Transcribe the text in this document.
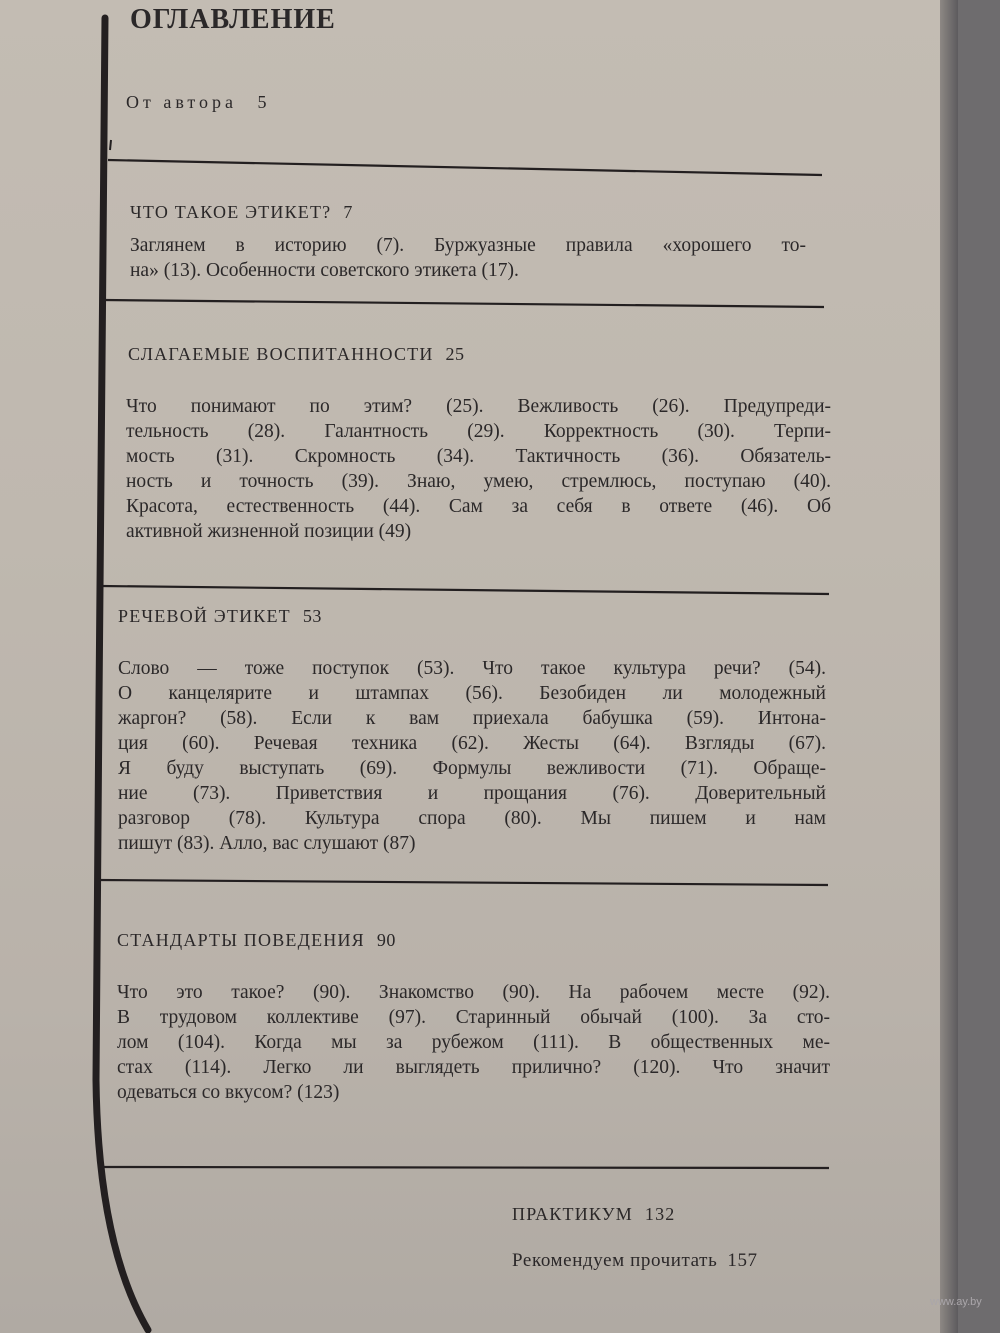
ОГЛАВЛЕНИЕ
От автора 5
ЧТО ТАКОЕ ЭТИКЕТ? 7
Заглянем в историю (7). Буржуазные правила «хорошего то-
на» (13). Особенности советского этикета (17).
СЛАГАЕМЫЕ ВОСПИТАННОСТИ 25
Что понимают по этим? (25). Вежливость (26). Предупреди-
тельность (28). Галантность (29). Корректность (30). Терпи-
мость (31). Скромность (34). Тактичность (36). Обязатель-
ность и точность (39). Знаю, умею, стремлюсь, поступаю (40).
Красота, естественность (44). Сам за себя в ответе (46). Об
активной жизненной позиции (49)
РЕЧЕВОЙ ЭТИКЕТ 53
Слово — тоже поступок (53). Что такое культура речи? (54).
О канцелярите и штампах (56). Безобиден ли молодежный
жаргон? (58). Если к вам приехала бабушка (59). Интона-
ция (60). Речевая техника (62). Жесты (64). Взгляды (67).
Я буду выступать (69). Формулы вежливости (71). Обраще-
ние (73). Приветствия и прощания (76). Доверительный
разговор (78). Культура спора (80). Мы пишем и нам
пишут (83). Алло, вас слушают (87)
СТАНДАРТЫ ПОВЕДЕНИЯ 90
Что это такое? (90). Знакомство (90). На рабочем месте (92).
В трудовом коллективе (97). Старинный обычай (100). За сто-
лом (104). Когда мы за рубежом (111). В общественных ме-
стах (114). Легко ли выглядеть прилично? (120). Что значит
одеваться со вкусом? (123)
ПРАКТИКУМ 132
Рекомендуем прочитать 157
www.ay.by
